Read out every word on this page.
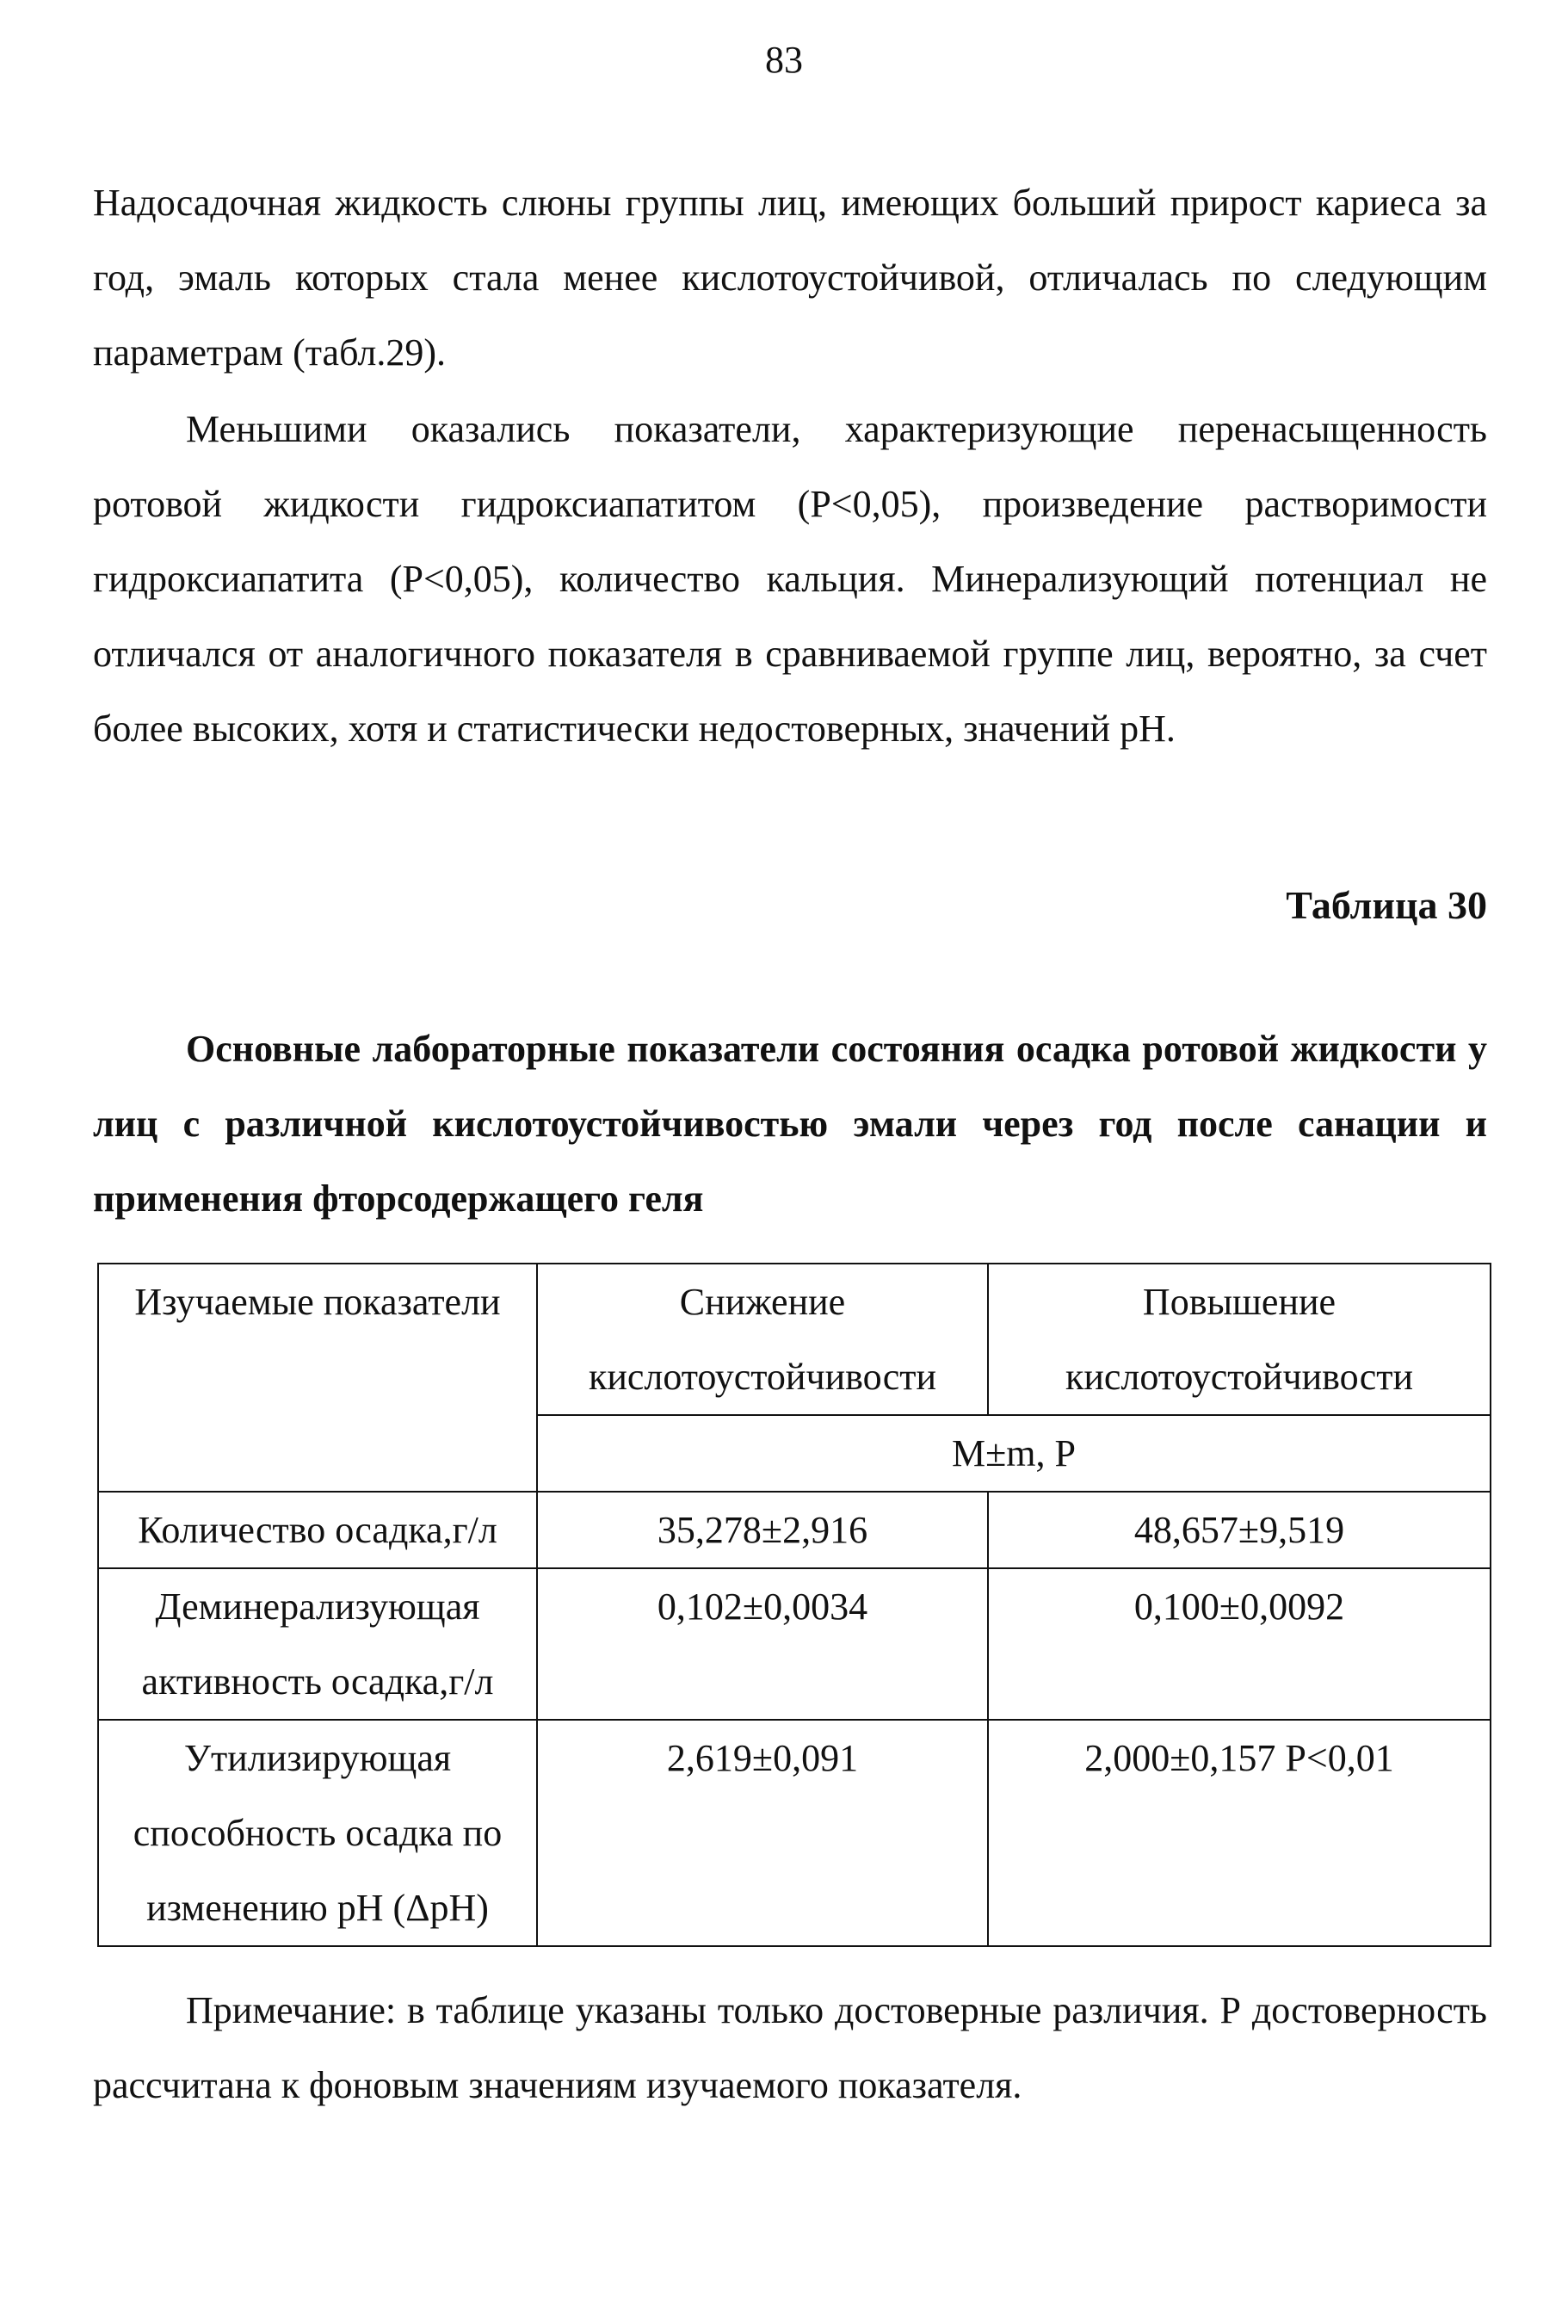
83

Надосадочная жидкость слюны группы лиц, имеющих больший прирост кариеса за год, эмаль которых стала менее кислотоустойчивой, отличалась по следующим параметрам (табл.29).

Меньшими оказались показатели, характеризующие перенасыщенность ротовой жидкости гидроксиапатитом (Р<0,05), произведение растворимости гидроксиапатита (Р<0,05), количество кальция. Минерализующий потенциал не отличался от аналогичного показателя в сравниваемой группе лиц, вероятно, за счет более высоких, хотя и статистически недостоверных, значений рН.

Таблица 30
Основные лабораторные показатели состояния осадка ротовой жидкости у лиц с различной кислотоустойчивостью эмали через год после санации и применения фторсодержащего геля
Изучаемые показатели	Снижение кислотоустойчивости	Повышение кислотоустойчивости
	M±m, P	
Количество осадка,г/л	35,278±2,916	48,657±9,519
Деминерализующая активность осадка,г/л	0,102±0,0034	0,100±0,0092
Утилизирующая способность осадка по изменению рН (ΔрН)	2,619±0,091	2,000±0,157 Р<0,01

Примечание: в таблице указаны только достоверные различия. Р достоверность рассчитана к фоновым значениям изучаемого показателя.
